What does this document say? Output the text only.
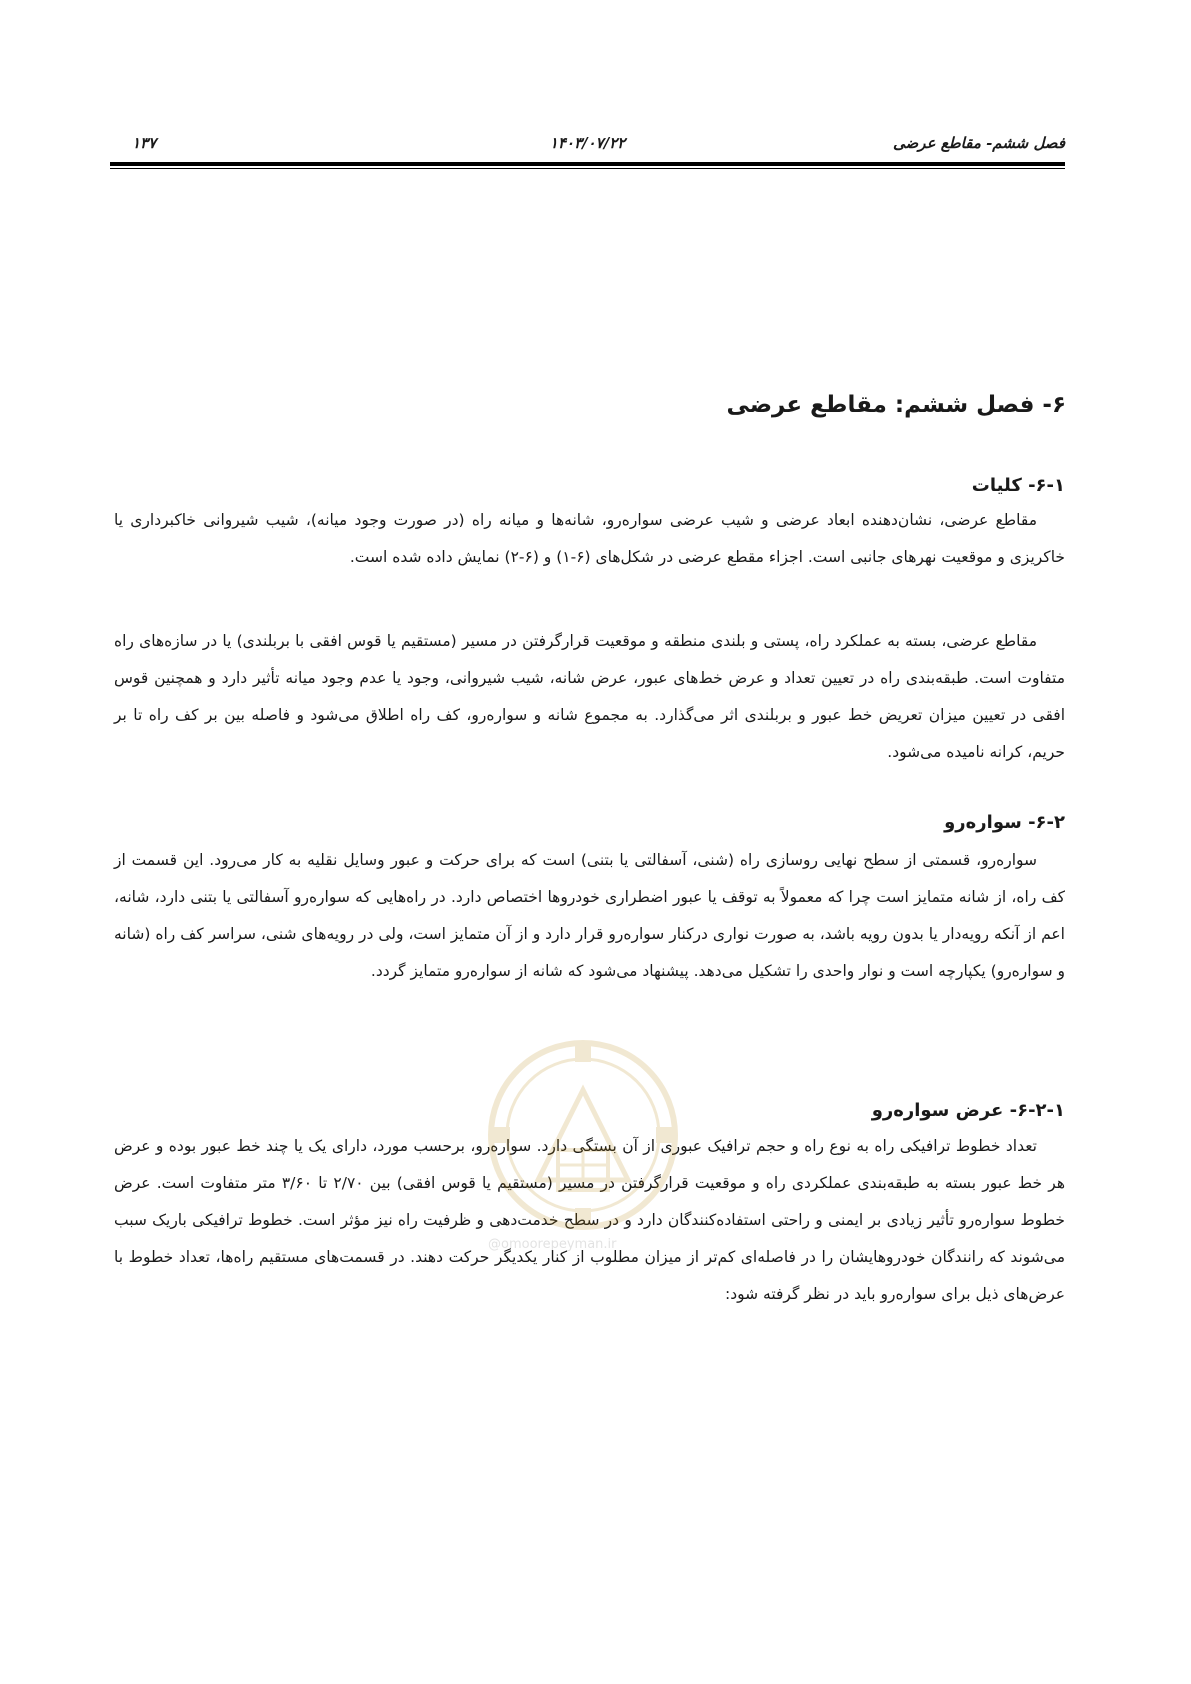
فصل ششم- مقاطع عرضی
۱۴۰۳/۰۷/۲۲
۱۳۷
۶- فصل ششم: مقاطع عرضی
۶-۱- کلیات

مقاطع عرضی، نشان‌دهنده ابعاد عرضی و شیب عرضی سواره‌رو، شانه‌ها و میانه راه (در صورت وجود میانه)، شیب شیروانی خاکبرداری یا خاکریزی و موقعیت نهرهای جانبی است. اجزاء مقطع عرضی در شکل‌های (۶-۱) و (۶-۲) نمایش داده شده است.

مقاطع عرضی، بسته به عملکرد راه، پستی و بلندی منطقه و موقعیت قرارگرفتن در مسیر (مستقیم یا قوس افقی با بربلندی) یا در سازه‌های راه متفاوت است. طبقه‌بندی راه در تعیین تعداد و عرض خط‌های عبور، عرض شانه، شیب شیروانی، وجود یا عدم وجود میانه تأثیر دارد و همچنین قوس افقی در تعیین میزان تعریض خط عبور و بربلندی اثر می‌گذارد. به مجموع شانه و سواره‌رو، کف راه اطلاق می‌شود و فاصله بین بر کف راه تا بر حریم، کرانه نامیده می‌شود.

۶-۲- سواره‌رو

سواره‌رو، قسمتی از سطح نهایی روسازی راه (شنی، آسفالتی یا بتنی) است که برای حرکت و عبور وسایل نقلیه به کار می‌رود. این قسمت از کف راه، از شانه متمایز است چرا که معمولاً به توقف یا عبور اضطراری خودروها اختصاص دارد. در راه‌هایی که سواره‌رو آسفالتی یا بتنی دارد، شانه، اعم از آنکه رویه‌دار یا بدون رویه باشد، به صورت نواری درکنار سواره‌رو قرار دارد و از آن متمایز است، ولی در رویه‌های شنی، سراسر کف راه (شانه و سواره‌رو) یکپارچه است و نوار واحدی را تشکیل می‌دهد. پیشنهاد می‌شود که شانه از سواره‌رو متمایز گردد.

۶-۲-۱- عرض سواره‌رو

تعداد خطوط ترافیکی راه به نوع راه و حجم ترافیک عبوری از آن بستگی دارد. سواره‌رو، برحسب مورد، دارای یک یا چند خط عبور بوده و عرض هر خط عبور بسته به طبقه‌بندی عملکردی راه و موقعیت قرارگرفتن در مسیر (مستقیم یا قوس افقی) بین ۲/۷۰ تا ۳/۶۰ متر متفاوت است. عرض خطوط سواره‌رو تأثیر زیادی بر ایمنی و راحتی استفاده‌کنندگان دارد و در سطح خدمت‌دهی و ظرفیت راه نیز مؤثر است. خطوط ترافیکی باریک سبب می‌شوند که رانندگان خودروهایشان را در فاصله‌ای کم‌تر از میزان مطلوب از کنار یکدیگر حرکت دهند. در قسمت‌های مستقیم راه‌ها، تعداد خطوط با عرض‌های ذیل برای سواره‌رو باید در نظر گرفته شود:

@omoorepeyman.ir
